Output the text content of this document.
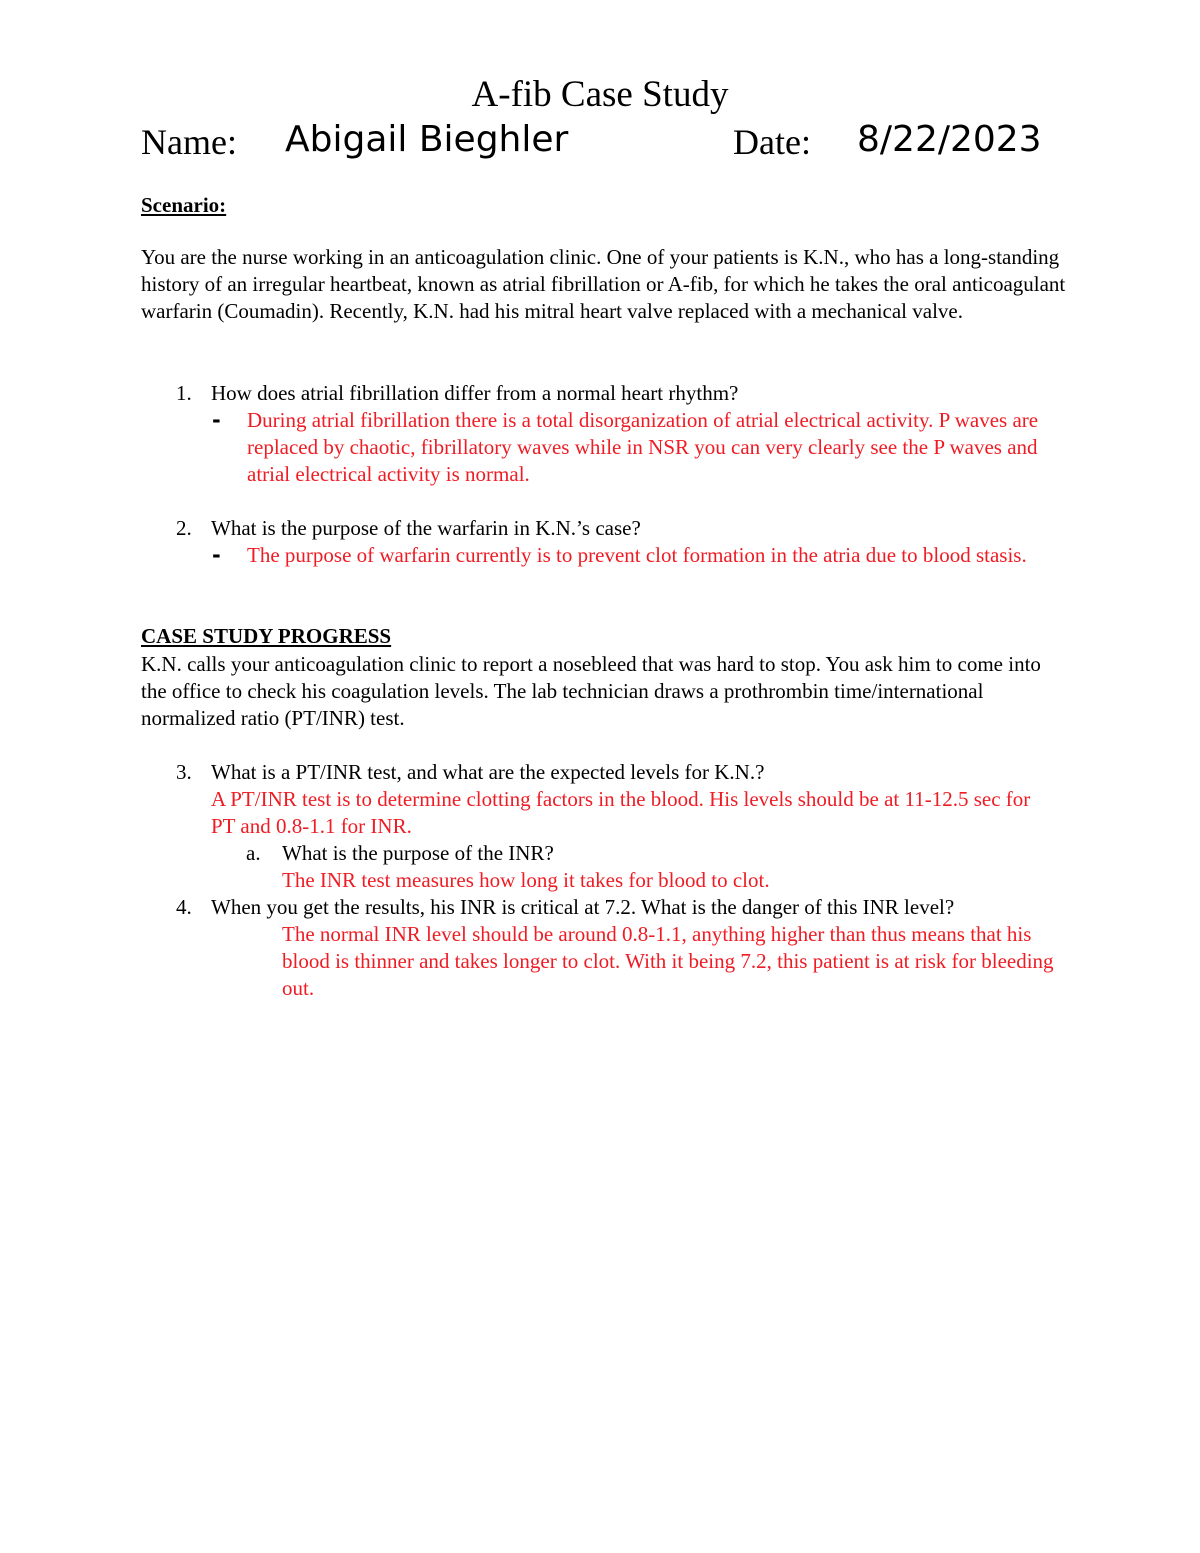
A-fib Case Study
Name: Abigail Bieghler	Date: 8/22/2023
Scenario:

You are the nurse working in an anticoagulation clinic. One of your patients is K.N., who has a long-standing history of an irregular heartbeat, known as atrial fibrillation or A-fib, for which he takes the oral anticoagulant warfarin (Coumadin). Recently, K.N. had his mitral heart valve replaced with a mechanical valve.

1. How does atrial fibrillation differ from a normal heart rhythm?
-	During atrial fibrillation there is a total disorganization of atrial electrical activity. P waves are replaced by chaotic, fibrillatory waves while in NSR you can very clearly see the P waves and atrial electrical activity is normal.
2. What is the purpose of the warfarin in K.N.’s case?
-	The purpose of warfarin currently is to prevent clot formation in the atria due to blood stasis.
CASE STUDY PROGRESS

K.N. calls your anticoagulation clinic to report a nosebleed that was hard to stop. You ask him to come into the office to check his coagulation levels. The lab technician draws a prothrombin time/international normalized ratio (PT/INR) test.

3. What is a PT/INR test, and what are the expected levels for K.N.?
A PT/INR test is to determine clotting factors in the blood. His levels should be at 11-12.5 sec for PT and 0.8-1.1 for INR.
a. What is the purpose of the INR?
The INR test measures how long it takes for blood to clot.
4. When you get the results, his INR is critical at 7.2. What is the danger of this INR level?
The normal INR level should be around 0.8-1.1, anything higher than thus means that his blood is thinner and takes longer to clot. With it being 7.2, this patient is at risk for bleeding out.
